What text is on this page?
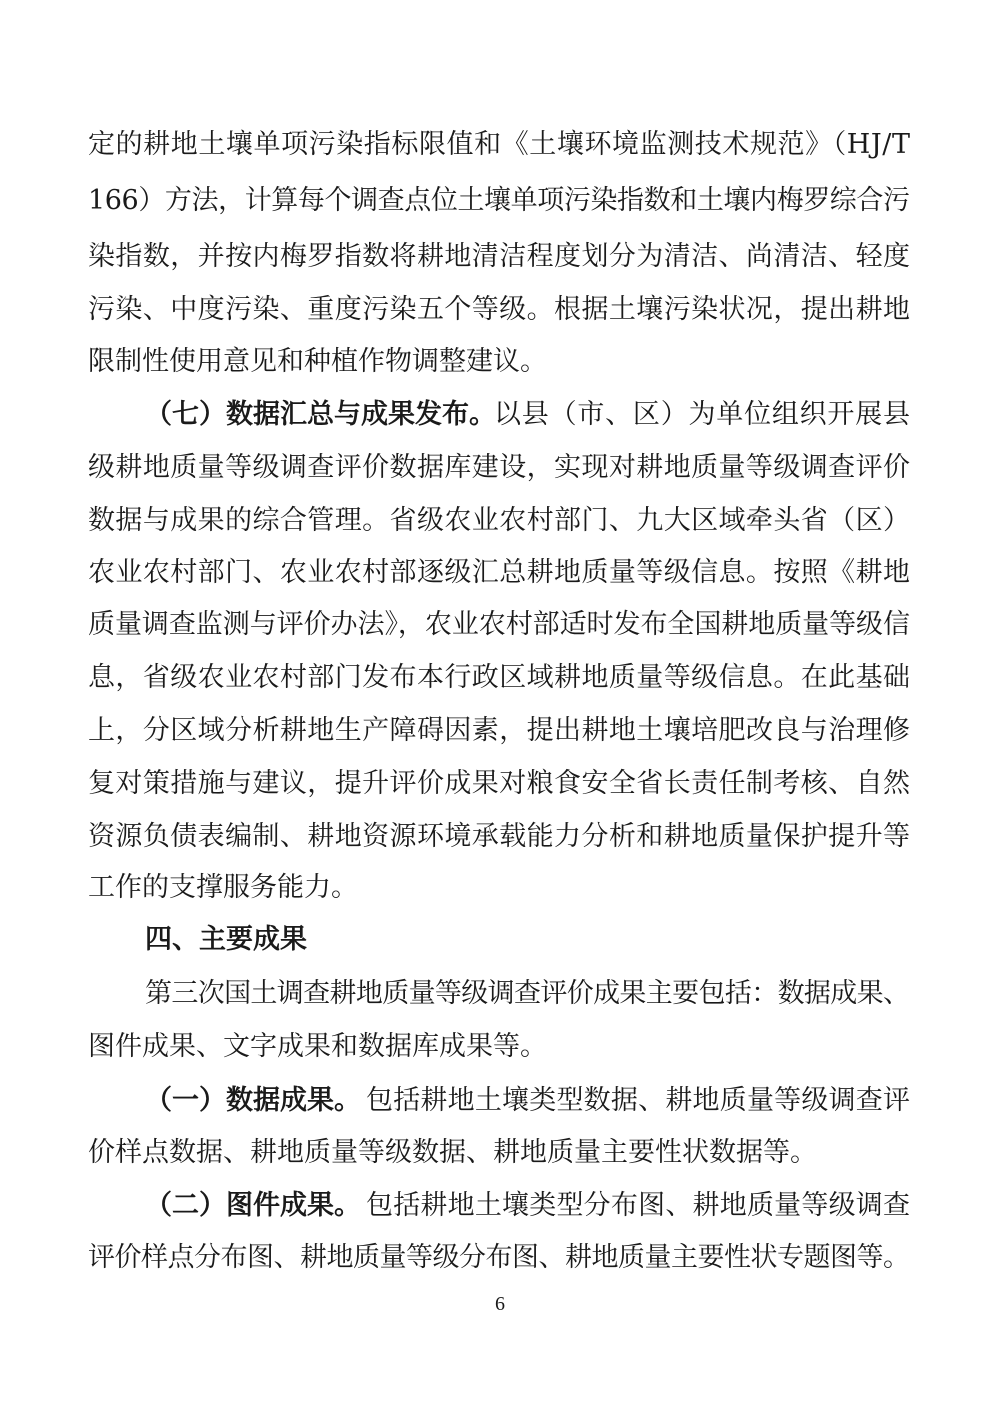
定的耕地土壤单项污染指标限值和《土壤环境监测技术规范》（HJ/T
166）方法，计算每个调查点位土壤单项污染指数和土壤内梅罗综合污
染指数，并按内梅罗指数将耕地清洁程度划分为清洁、尚清洁、轻度
污染、中度污染、重度污染五个等级。根据土壤污染状况，提出耕地
限制性使用意见和种植作物调整建议。
（七）数据汇总与成果发布。
以县（市、区）为单位组织开展县
级耕地质量等级调查评价数据库建设，实现对耕地质量等级调查评价
数据与成果的综合管理。省级农业农村部门、九大区域牵头省（区）
农业农村部门、农业农村部逐级汇总耕地质量等级信息。按照《耕地
质量调查监测与评价办法》，农业农村部适时发布全国耕地质量等级信
息，省级农业农村部门发布本行政区域耕地质量等级信息。在此基础
上，分区域分析耕地生产障碍因素，提出耕地土壤培肥改良与治理修
复对策措施与建议，提升评价成果对粮食安全省长责任制考核、自然
资源负债表编制、耕地资源环境承载能力分析和耕地质量保护提升等
工作的支撑服务能力。
四、主要成果
第三次国土调查耕地质量等级调查评价成果主要包括：数据成果、
图件成果、文字成果和数据库成果等。
（一）数据成果。 包括耕地土壤类型数据、耕地质量等级调查评
价样点数据、耕地质量等级数据、耕地质量主要性状数据等。
（二）图件成果。 包括耕地土壤类型分布图、耕地质量等级调查
评价样点分布图、耕地质量等级分布图、耕地质量主要性状专题图等。
6
